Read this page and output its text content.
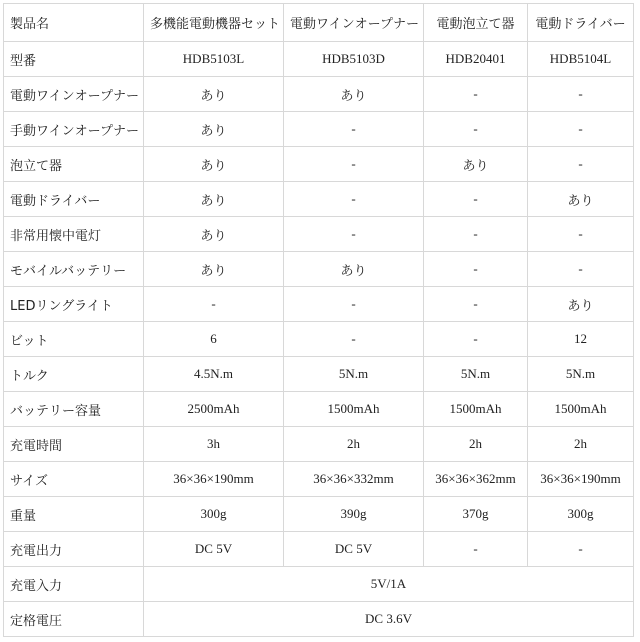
製品名	多機能電動機器セット	電動ワインオープナー	電動泡立て器	電動ドライバー
型番	HDB5103L	HDB5103D	HDB20401	HDB5104L
電動ワインオープナー	あり	あり	-	-
手動ワインオープナー	あり	-	-	-
泡立て器	あり	-	あり	-
電動ドライバー	あり	-	-	あり
非常用懐中電灯	あり	-	-	-
モバイルバッテリー	あり	あり	-	-
LEDリングライト	-	-	-	あり
ビット	6	-	-	12
トルク	4.5N.m	5N.m	5N.m	5N.m
バッテリー容量	2500mAh	1500mAh	1500mAh	1500mAh
充電時間	3h	2h	2h	2h
サイズ	36×36×190mm	36×36×332mm	36×36×362mm	36×36×190mm
重量	300g	390g	370g	300g
充電出力	DC 5V	DC 5V	-	-
充電入力	5V/1A			
定格電圧	DC 3.6V			
